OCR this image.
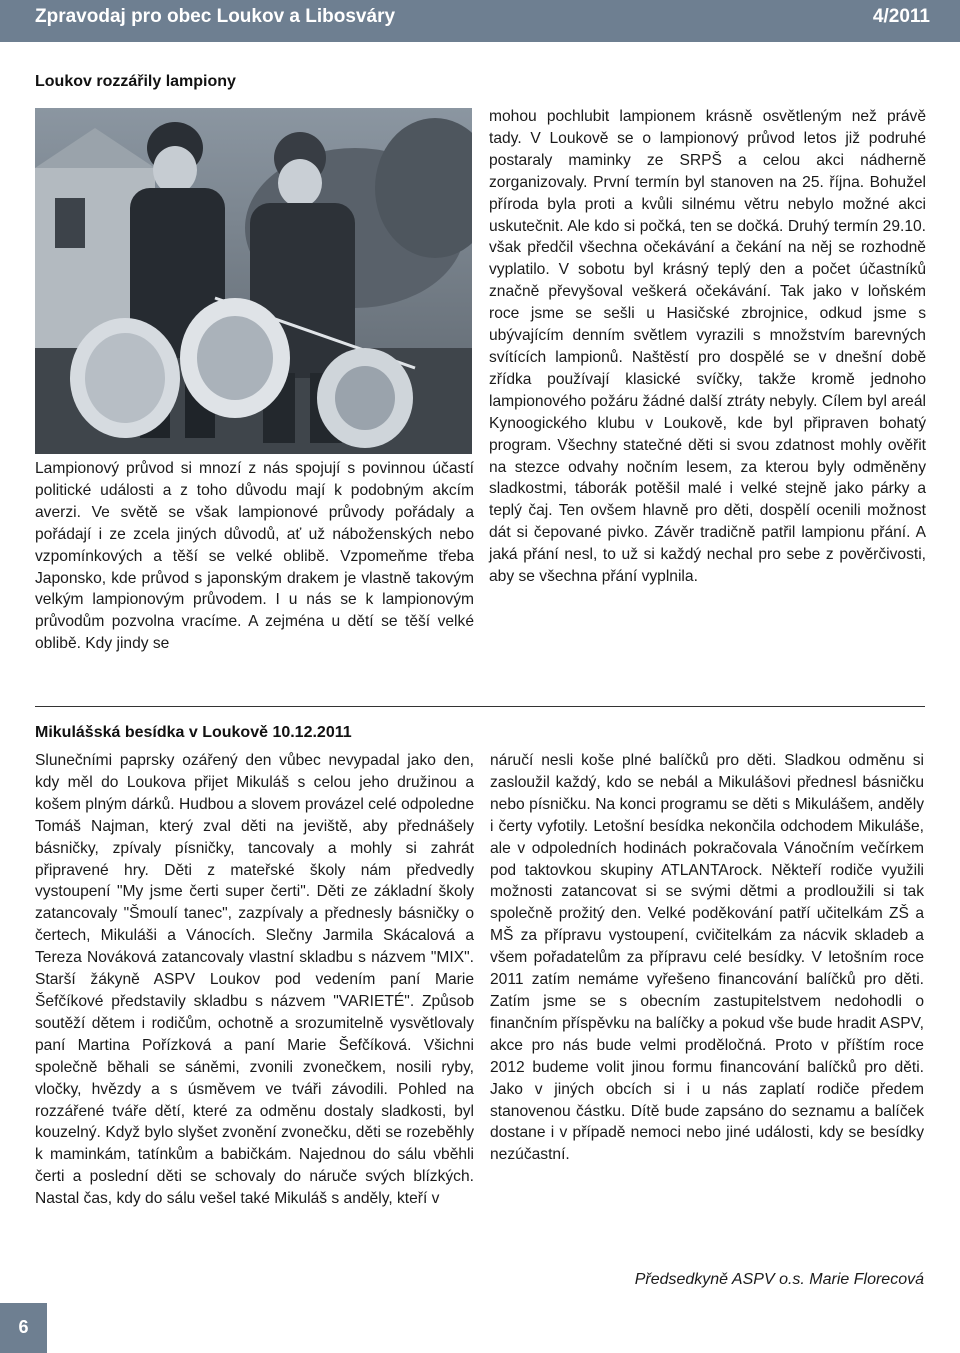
Zpravodaj pro obec Loukov a Libosváry	4/2011
Loukov rozzářily lampiony

Lampionový průvod si mnozí z nás spojují s povinnou účastí politické události a z toho důvodu mají k podobným akcím averzi. Ve světě se však lampionové průvody pořádaly a pořádají i ze zcela jiných důvodů, ať už náboženských nebo vzpomínkových a těší se velké oblibě. Vzpomeňme třeba Japonsko, kde průvod s japonským drakem je vlastně takovým velkým lampionovým průvodem. I u nás se k lampionovým průvodům pozvolna vracíme. A zejména u dětí se těší velké oblibě. Kdy jindy se

mohou pochlubit lampionem krásně osvětleným než právě tady. V Loukově se o lampionový průvod letos již podruhé postaraly maminky ze SRPŠ a celou akci nádherně zorganizovaly. První termín byl stanoven na 25. října. Bohužel příroda byla proti a kvůli silnému větru nebylo možné akci uskutečnit. Ale kdo si počká, ten se dočká. Druhý termín 29.10. však předčil všechna očekávání a čekání na něj se rozhodně vyplatilo. V sobotu byl krásný teplý den a počet účastníků značně převyšoval veškerá očekávání. Tak jako v loňském roce jsme se sešli u Hasičské zbrojnice, odkud jsme s ubývajícím denním světlem vyrazili s množstvím barevných svítících lampionů. Naštěstí pro dospělé se v dnešní době zřídka používají klasické svíčky, takže kromě jednoho lampionového požáru žádné další ztráty nebyly. Cílem byl areál Kynoogického klubu v Loukově, kde byl připraven bohatý program. Všechny statečné děti si svou zdatnost mohly ověřit na stezce odvahy nočním lesem, za kterou byly odměněny sladkostmi, táborák potěšil malé i velké stejně jako párky a teplý čaj. Ten ovšem hlavně pro děti, dospělí ocenili možnost dát si čepované pivko. Závěr tradičně patřil lampionu přání. A jaká přání nesl, to už si každý nechal pro sebe z pověrčivosti, aby se všechna přání vyplnila.

Mikulášská besídka v Loukově 10.12.2011

Slunečními paprsky ozářený den vůbec nevypadal jako den, kdy měl do Loukova přijet Mikuláš s celou jeho družinou a košem plným dárků. Hudbou a slovem provázel celé odpoledne Tomáš Najman, který zval děti na jeviště, aby přednášely básničky, zpívaly písničky, tancovaly a mohly si zahrát připravené hry. Děti z mateřské školy nám předvedly vystoupení "My jsme čerti super čerti". Děti ze základní školy zatancovaly "Šmoulí tanec", zazpívaly a přednesly básničky o čertech, Mikuláši a Vánocích. Slečny Jarmila Skácalová a Tereza Nováková zatancovaly vlastní skladbu s názvem "MIX". Starší žákyně ASPV Loukov pod vedením paní Marie Šefčíkové představily skladbu s názvem "VARIETÉ". Způsob soutěží dětem i rodičům, ochotně a srozumitelně vysvětlovaly paní Martina Pořízková a paní Marie Šefčíková. Všichni společně běhali se sáněmi, zvonili zvonečkem, nosili ryby, vločky, hvězdy a s úsměvem ve tváři závodili. Pohled na rozzářené tváře dětí, které za odměnu dostaly sladkosti, byl kouzelný. Když bylo slyšet zvonění zvonečku, děti se rozeběhly k maminkám, tatínkům a babičkám. Najednou do sálu vběhli čerti a poslední děti se schovaly do náruče svých blízkých. Nastal čas, kdy do sálu vešel také Mikuláš s anděly, kteří v

náručí nesli koše plné balíčků pro děti. Sladkou odměnu si zasloužil každý, kdo se nebál a Mikulášovi přednesl básničku nebo písničku. Na konci programu se děti s Mikulášem, anděly i čerty vyfotily. Letošní besídka nekončila odchodem Mikuláše, ale v odpoledních hodinách pokračovala Vánočním večírkem pod taktovkou skupiny ATLANTArock. Někteří rodiče využili možnosti zatancovat si se svými dětmi a prodloužili si tak společně prožitý den. Velké poděkování patří učitelkám ZŠ a MŠ za přípravu vystoupení, cvičitelkám za nácvik skladeb a všem pořadatelům za přípravu celé besídky. V letošním roce 2011 zatím nemáme vyřešeno financování balíčků pro děti. Zatím jsme se s obecním zastupitelstvem nedohodli o finančním příspěvku na balíčky a pokud vše bude hradit ASPV, akce pro nás bude velmi proděločná. Proto v příštím roce 2012 budeme volit jinou formu financování balíčků pro děti. Jako v jiných obcích si i u nás zaplatí rodiče předem stanovenou částku. Dítě bude zapsáno do seznamu a balíček dostane i v případě nemoci nebo jiné události, kdy se besídky nezúčastní.

Předsedkyně ASPV o.s. Marie Florecová
6
